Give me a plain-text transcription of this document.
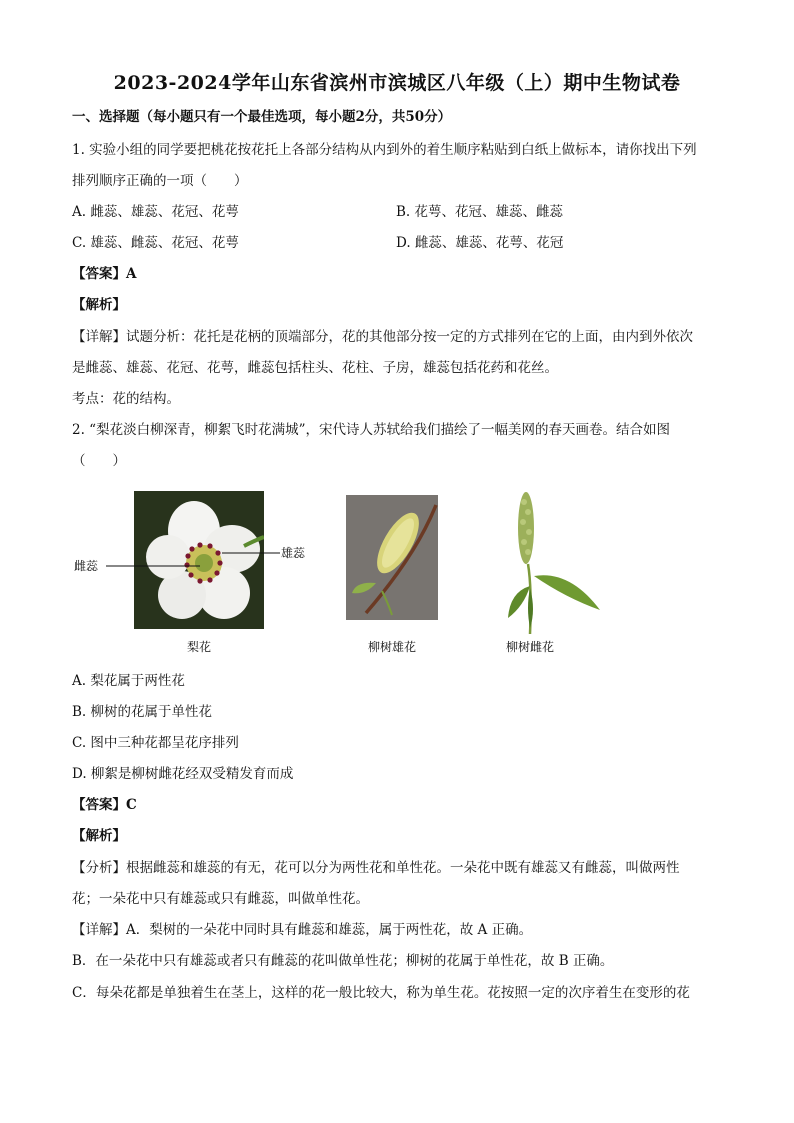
2023-2024学年山东省滨州市滨城区八年级（上）期中生物试卷
一、选择题（每小题只有一个最佳选项，每小题2分，共50分）
1. 实验小组的同学要把桃花按花托上各部分结构从内到外的着生顺序粘贴到白纸上做标本，请你找出下列
排列顺序正确的一项（　　）
A. 雌蕊、雄蕊、花冠、花萼	B. 花萼、花冠、雄蕊、雌蕊
C. 雄蕊、雌蕊、花冠、花萼	D. 雌蕊、雄蕊、花萼、花冠
【答案】A
【解析】
【详解】试题分析：花托是花柄的顶端部分，花的其他部分按一定的方式排列在它的上面，由内到外依次
是雌蕊、雄蕊、花冠、花萼，雌蕊包括柱头、花柱、子房，雄蕊包括花药和花丝。
考点：花的结构。
2. “梨花淡白柳深青，柳絮飞时花满城”，宋代诗人苏轼给我们描绘了一幅美网的春天画卷。结合如图
（　　）
雌蕊
雄蕊
梨花	柳树雄花	柳树雌花
A. 梨花属于两性花
B. 柳树的花属于单性花
C. 图中三种花都呈花序排列
D. 柳絮是柳树雌花经双受精发育而成
【答案】C
【解析】
【分析】根据雌蕊和雄蕊的有无，花可以分为两性花和单性花。一朵花中既有雄蕊又有雌蕊，叫做两性
花；一朵花中只有雄蕊或只有雌蕊，叫做单性花。
【详解】A．梨树的一朵花中同时具有雌蕊和雄蕊，属于两性花，故 A 正确。
B．在一朵花中只有雄蕊或者只有雌蕊的花叫做单性花；柳树的花属于单性花，故 B 正确。
C．每朵花都是单独着生在茎上，这样的花一般比较大，称为单生花。花按照一定的次序着生在变形的花
